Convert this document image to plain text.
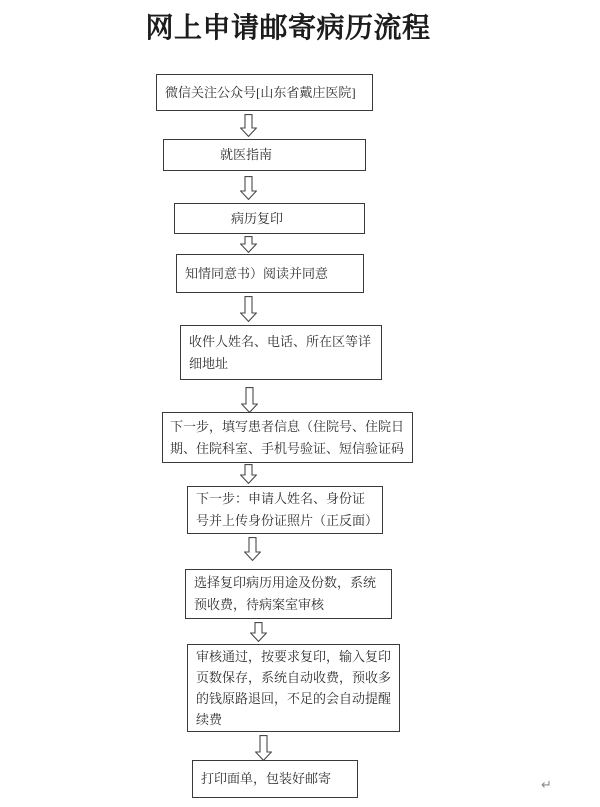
网上申请邮寄病历流程
微信关注公众号[山东省戴庄医院]
就医指南
病历复印
知情同意书）阅读并同意
收件人姓名、电话、所在区等详细地址
下一步，填写患者信息（住院号、住院日期、住院科室、手机号验证、短信验证码
下一步：申请人姓名、身份证号并上传身份证照片（正反面）
选择复印病历用途及份数，系统预收费，待病案室审核
审核通过，按要求复印，输入复印页数保存，系统自动收费，预收多的钱原路退回，不足的会自动提醒续费
打印面单，包装好邮寄	↵
